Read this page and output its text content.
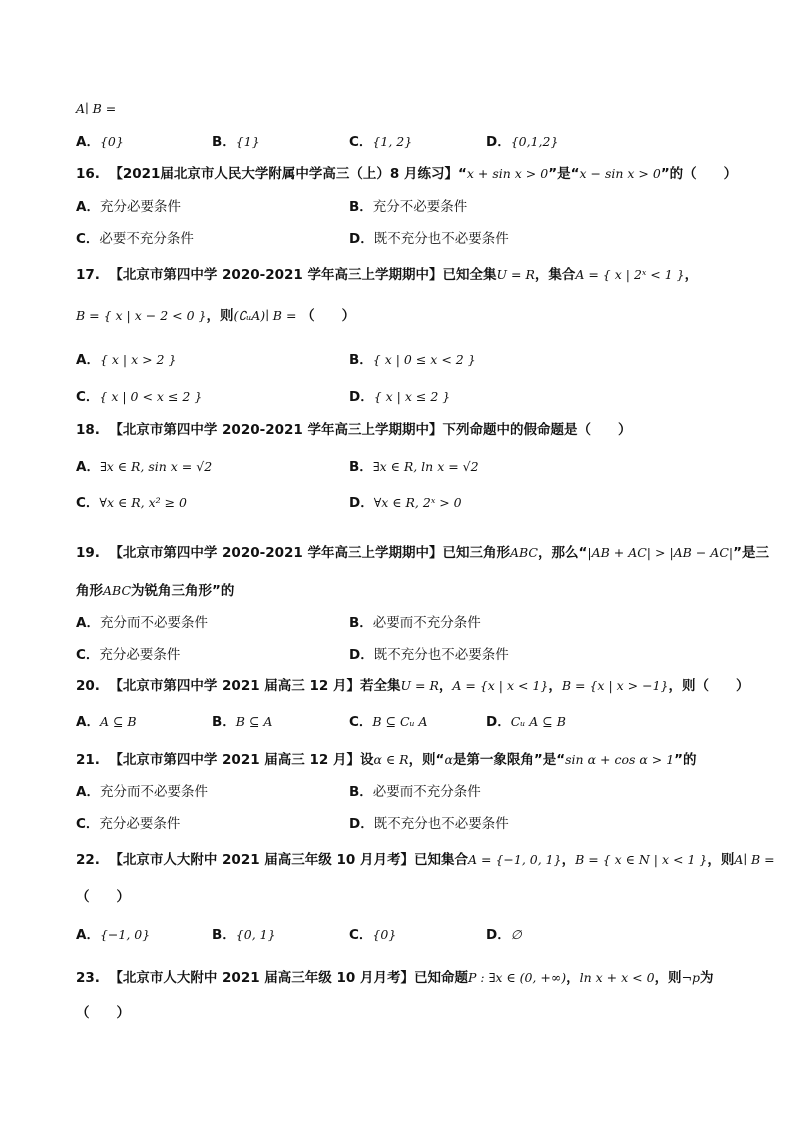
A∣ B =
A．{0}	B．{1}	C．{1, 2}	D．{0,1,2}
16. 【2021届北京市人民大学附属中学高三（上）8 月练习】“x + sin x > 0”是“x − sin x > 0”的（　　）
A．充分必要条件	B．充分不必要条件
C．必要不充分条件	D．既不充分也不必要条件
17. 【北京市第四中学 2020-2021 学年高三上学期期中】已知全集U = R，集合A = { x | 2ˣ < 1 }，
B = { x | x − 2 < 0 }，则(∁ᵤA)∣ B = （　　）
A．{ x | x > 2 }	B．{ x | 0 ≤ x < 2 }
C．{ x | 0 < x ≤ 2 }	D．{ x | x ≤ 2 }
18. 【北京市第四中学 2020-2021 学年高三上学期期中】下列命题中的假命题是（　　）
A．∃x ∈ R, sin x = √2	B．∃x ∈ R, ln x = √2
C．∀x ∈ R, x² ≥ 0	D．∀x ∈ R, 2ˣ > 0
19. 【北京市第四中学 2020-2021 学年高三上学期期中】已知三角形ABC，那么“|AB + AC| > |AB − AC|”是三
角形ABC为锐角三角形”的
A．充分而不必要条件	B．必要而不充分条件
C．充分必要条件	D．既不充分也不必要条件
20. 【北京市第四中学 2021 届高三 12 月】若全集U = R，A = {x | x < 1}，B = {x | x > −1}，则（　　）
A．A ⊆ B	B．B ⊆ A	C．B ⊆ Cᵤ A	D．Cᵤ A ⊆ B
21. 【北京市第四中学 2021 届高三 12 月】设α ∈ R，则“α是第一象限角”是“sin α + cos α > 1”的
A．充分而不必要条件	B．必要而不充分条件
C．充分必要条件	D．既不充分也不必要条件
22. 【北京市人大附中 2021 届高三年级 10 月月考】已知集合A = {−1, 0, 1}，B = { x ∈ N | x < 1 }，则A∣ B =
（　　）
A．{−1, 0}	B．{0, 1}	C．{0}	D．∅
23. 【北京市人大附中 2021 届高三年级 10 月月考】已知命题P : ∃x ∈ (0, +∞)，ln x + x < 0，则¬p为
（　　）
